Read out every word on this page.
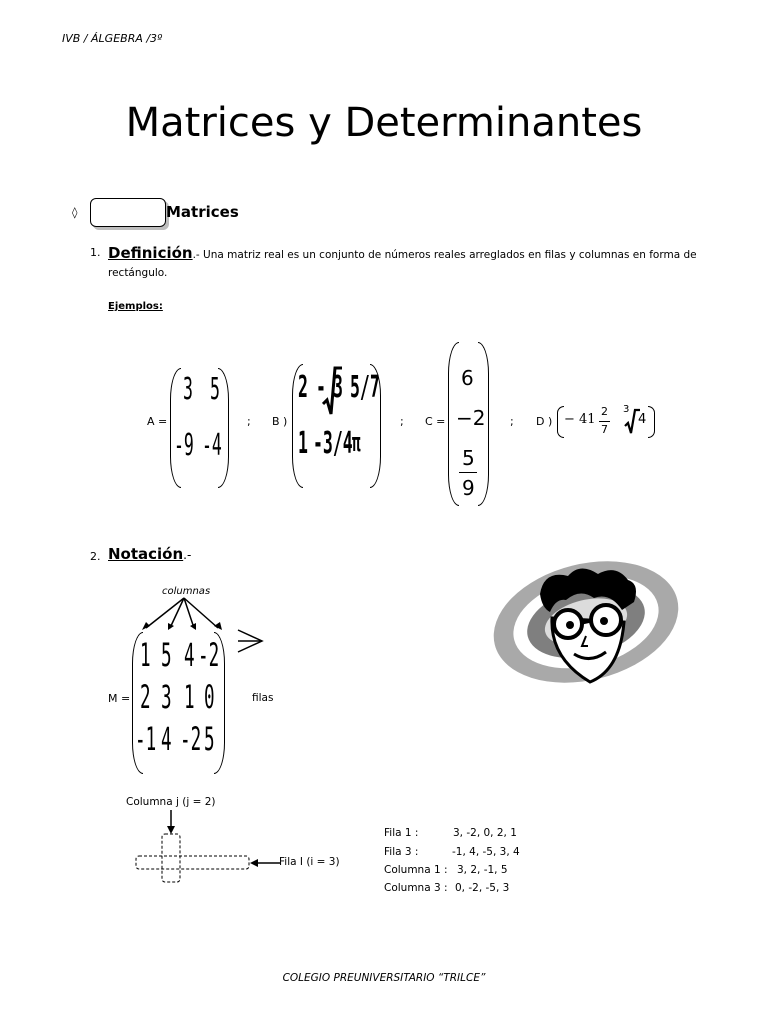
IVB / ÁLGEBRA /3º
Matrices y Determinantes
◊	Matrices
1. Definición.- Una matriz real es un conjunto de números reales arreglados en filas y columnas en forma de rectángulo.
Ejemplos:
A =
3 5
-9 -4
; B )
2 - 3 5/7
1 -3/4 π
; C =
6
−2
5
9
; D ) − 41
2
7
3
4
2. Notación.-
columnas
filas
M =
1 5 4 -2
2 3 1 0
-1 4 -2 5
Columna j (j = 2)
Fila I (i = 3)
Fila 1 :	3, -2, 0, 2, 1
Fila 3 :	-1, 4, -5, 3, 4
Columna 1 : 3, 2, -1, 5
Columna 3 : 0, -2, -5, 3
COLEGIO PREUNIVERSITARIO “TRILCE”
